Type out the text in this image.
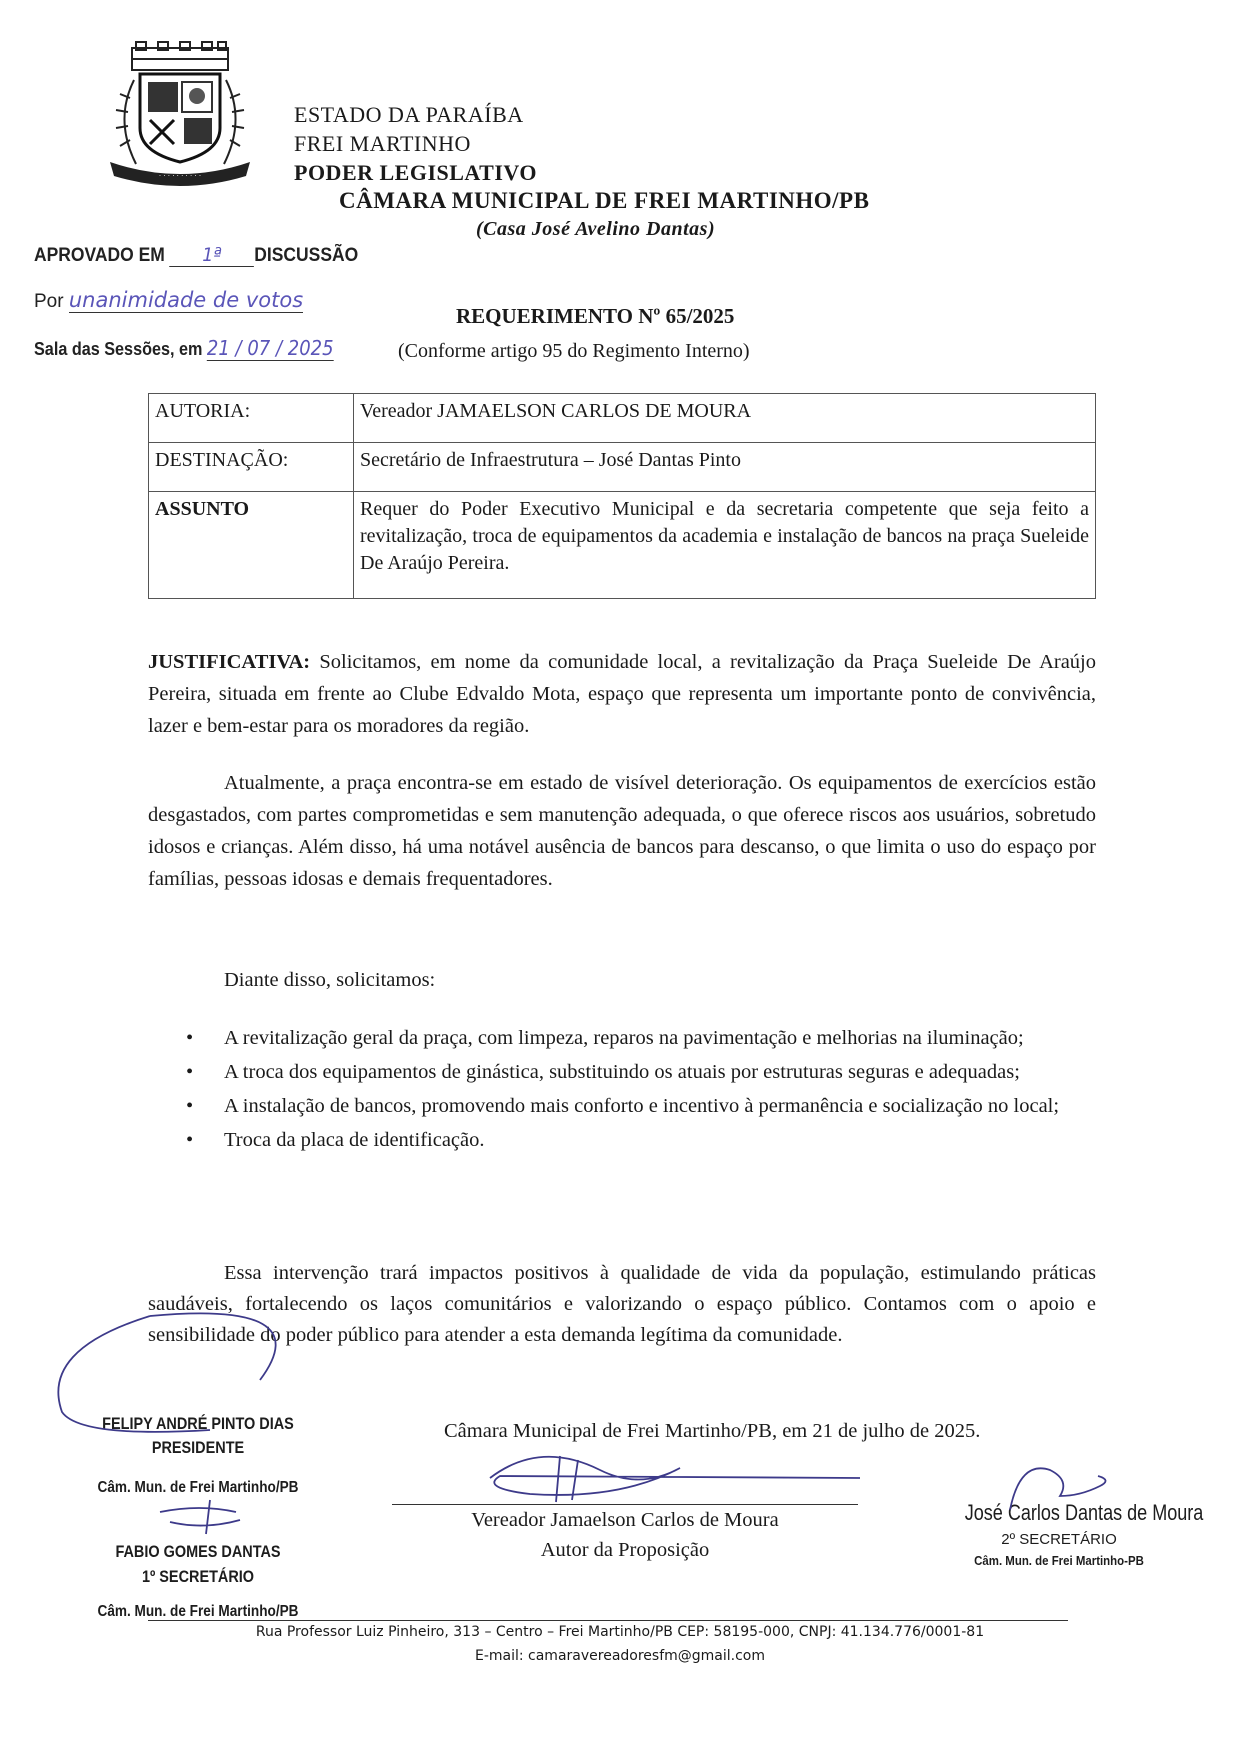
· · · · · · · · · ·
ESTADO DA PARAÍBA
FREI MARTINHO
PODER LEGISLATIVO
CÂMARA MUNICIPAL DE FREI MARTINHO/PB
(Casa José Avelino Dantas)
APROVADO EM 1ª DISCUSSÃO
Por unanimidade de votos
Sala das Sessões, em 21 / 07 / 2025
REQUERIMENTO Nº 65/2025
(Conforme artigo 95 do Regimento Interno)
AUTORIA:	Vereador JAMAELSON CARLOS DE MOURA
DESTINAÇÃO:	Secretário de Infraestrutura – José Dantas Pinto
ASSUNTO	Requer do Poder Executivo Municipal e da secretaria competente que seja feito a revitalização, troca de equipamentos da academia e instalação de bancos na praça Sueleide De Araújo Pereira.
JUSTIFICATIVA: Solicitamos, em nome da comunidade local, a revitalização da Praça Sueleide De Araújo Pereira, situada em frente ao Clube Edvaldo Mota, espaço que representa um importante ponto de convivência, lazer e bem-estar para os moradores da região.
Atualmente, a praça encontra-se em estado de visível deterioração. Os equipamentos de exercícios estão desgastados, com partes comprometidas e sem manutenção adequada, o que oferece riscos aos usuários, sobretudo idosos e crianças. Além disso, há uma notável ausência de bancos para descanso, o que limita o uso do espaço por famílias, pessoas idosas e demais frequentadores.
Diante disso, solicitamos:
• A revitalização geral da praça, com limpeza, reparos na pavimentação e melhorias na iluminação;
• A troca dos equipamentos de ginástica, substituindo os atuais por estruturas seguras e adequadas;
• A instalação de bancos, promovendo mais conforto e incentivo à permanência e socialização no local;
• Troca da placa de identificação.
Essa intervenção trará impactos positivos à qualidade de vida da população, estimulando práticas saudáveis, fortalecendo os laços comunitários e valorizando o espaço público. Contamos com o apoio e sensibilidade do poder público para atender a esta demanda legítima da comunidade.
Câmara Municipal de Frei Martinho/PB, em 21 de julho de 2025.
FELIPY ANDRÉ PINTO DIAS
PRESIDENTE
Câm. Mun. de Frei Martinho/PB
FABIO GOMES DANTAS
1º SECRETÁRIO
Câm. Mun. de Frei Martinho/PB
Vereador Jamaelson Carlos de Moura
Autor da Proposição
José Carlos Dantas de Moura
2º SECRETÁRIO
Câm. Mun. de Frei Martinho-PB
Rua Professor Luiz Pinheiro, 313 – Centro – Frei Martinho/PB CEP: 58195-000, CNPJ: 41.134.776/0001-81
E-mail: camaravereadoresfm@gmail.com
